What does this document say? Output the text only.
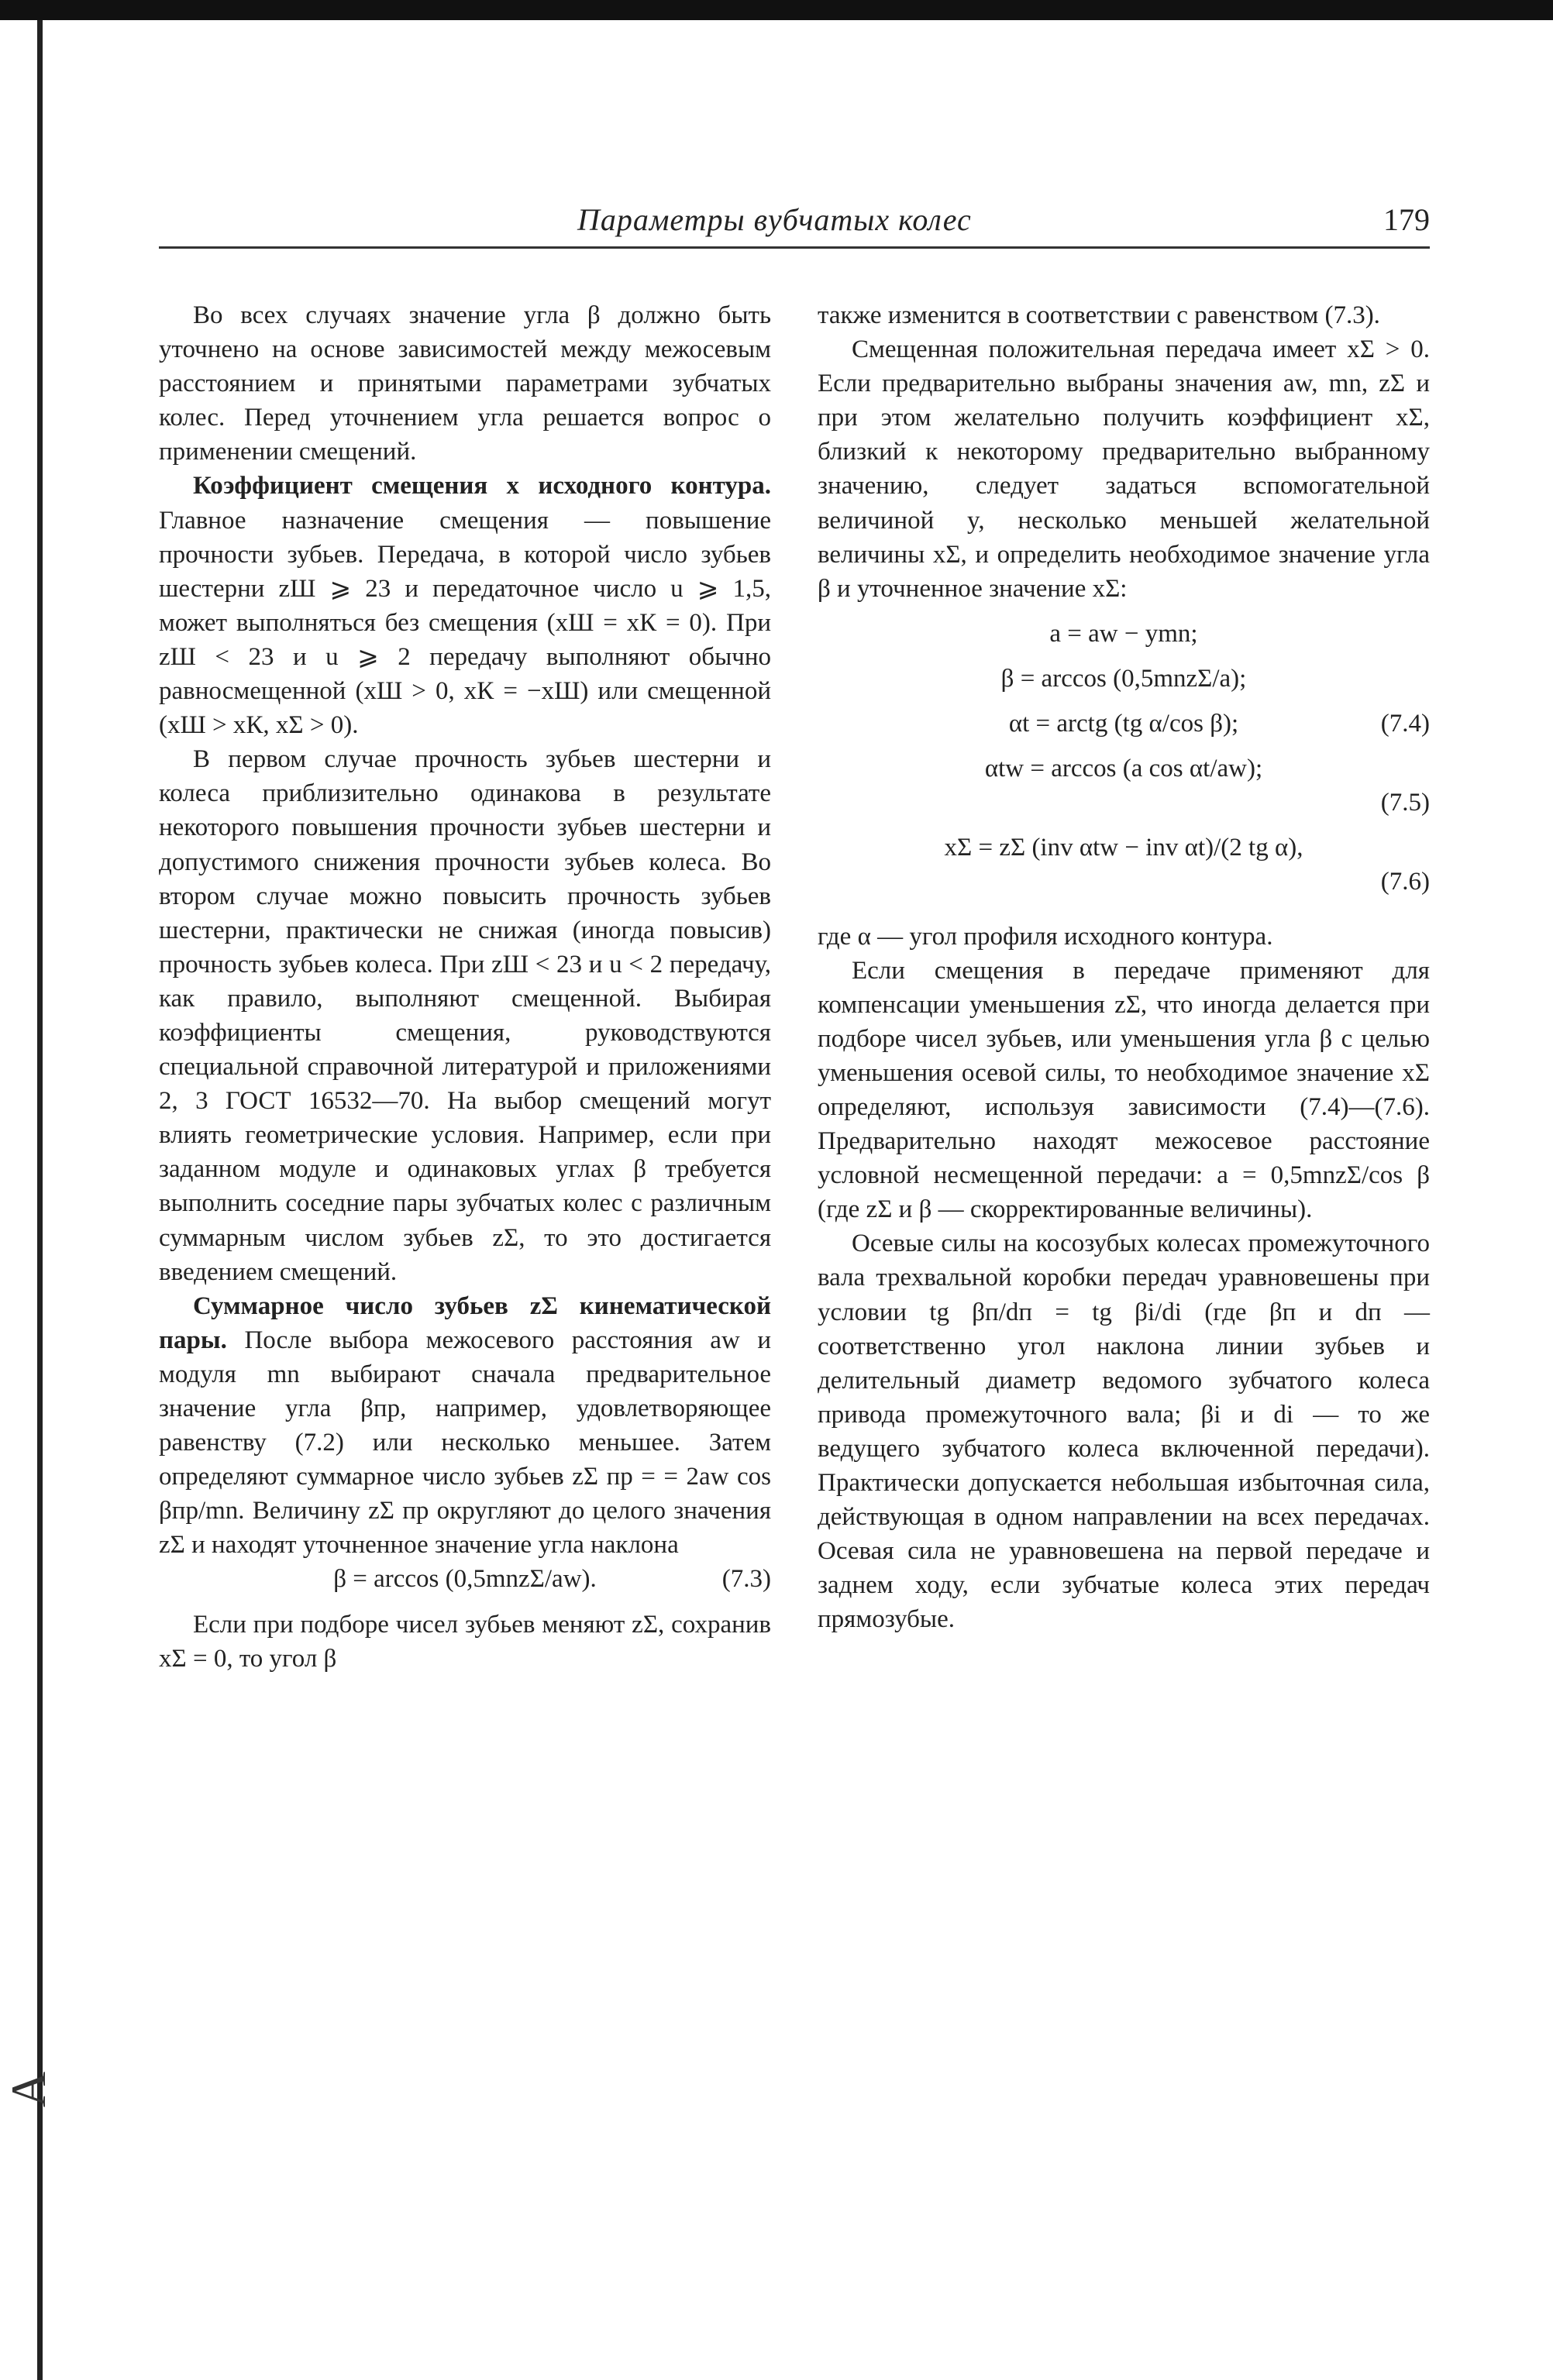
A
Параметры вубчатых колес	179

Во всех случаях значение угла β должно быть уточнено на основе зависимостей между межосевым расстоянием и принятыми параметрами зубчатых колес. Перед уточнением угла решается вопрос о применении смещений.

Коэффициент смещения x исходного контура. Главное назначение смещения — повышение прочности зубьев. Передача, в которой число зубьев шестерни zШ ⩾ 23 и передаточное число u ⩾ 1,5, может выполняться без смещения (xШ = xК = 0). При zШ < 23 и u ⩾ 2 передачу выполняют обычно равносмещенной (xШ > 0, xК = −xШ) или смещенной (xШ > xК, xΣ > 0).

В первом случае прочность зубьев шестерни и колеса приблизительно одинакова в результате некоторого повышения прочности зубьев шестерни и допустимого снижения прочности зубьев колеса. Во втором случае можно повысить прочность зубьев шестерни, практически не снижая (иногда повысив) прочность зубьев колеса. При zШ < 23 и u < 2 передачу, как правило, выполняют смещенной. Выбирая коэффициенты смещения, руководствуются специальной справочной литературой и приложениями 2, 3 ГОСТ 16532—70. На выбор смещений могут влиять геометрические условия. Например, если при заданном модуле и одинаковых углах β требуется выполнить соседние пары зубчатых колес с различным суммарным числом зубьев zΣ, то это достигается введением смещений.

Суммарное число зубьев zΣ кинематической пары. После выбора межосевого расстояния aw и модуля mn выбирают сначала предварительное значение угла βпр, например, удовлетворяющее равенству (7.2) или несколько меньшее. Затем определяют суммарное число зубьев zΣ пр = = 2aw cos βпр/mn. Величину zΣ пр округляют до целого значения zΣ и находят уточненное значение угла наклона

β = arccos (0,5mnzΣ/aw).	(7.3)

Если при подборе чисел зубьев меняют zΣ, сохранив xΣ = 0, то угол β

также изменится в соответствии с равенством (7.3).

Смещенная положительная передача имеет xΣ > 0. Если предварительно выбраны значения aw, mn, zΣ и при этом желательно получить коэффициент xΣ, близкий к некоторому предварительно выбранному значению, следует задаться вспомогательной величиной y, несколько меньшей желательной величины xΣ, и определить необходимое значение угла β и уточненное значение xΣ:

a = aw − ymn;

β = arccos (0,5mnzΣ/a);

αt = arctg (tg α/cos β);	(7.4)

αtw = arccos (a cos αt/aw);

(7.5)

xΣ = zΣ (inv αtw − inv αt)/(2 tg α),

(7.6)

где α — угол профиля исходного контура.

Если смещения в передаче применяют для компенсации уменьшения zΣ, что иногда делается при подборе чисел зубьев, или уменьшения угла β с целью уменьшения осевой силы, то необходимое значение xΣ определяют, используя зависимости (7.4)—(7.6). Предварительно находят межосевое расстояние условной несмещенной передачи: a = 0,5mnzΣ/cos β (где zΣ и β — скорректированные величины).

Осевые силы на косозубых колесах промежуточного вала трехвальной коробки передач уравновешены при условии tg βп/dп = tg βi/di (где βп и dп — соответственно угол наклона линии зубьев и делительный диаметр ведомого зубчатого колеса привода промежуточного вала; βi и di — то же ведущего зубчатого колеса включенной передачи). Практически допускается небольшая избыточная сила, действующая в одном направлении на всех передачах. Осевая сила не уравновешена на первой передаче и заднем ходу, если зубчатые колеса этих передач прямозубые.
